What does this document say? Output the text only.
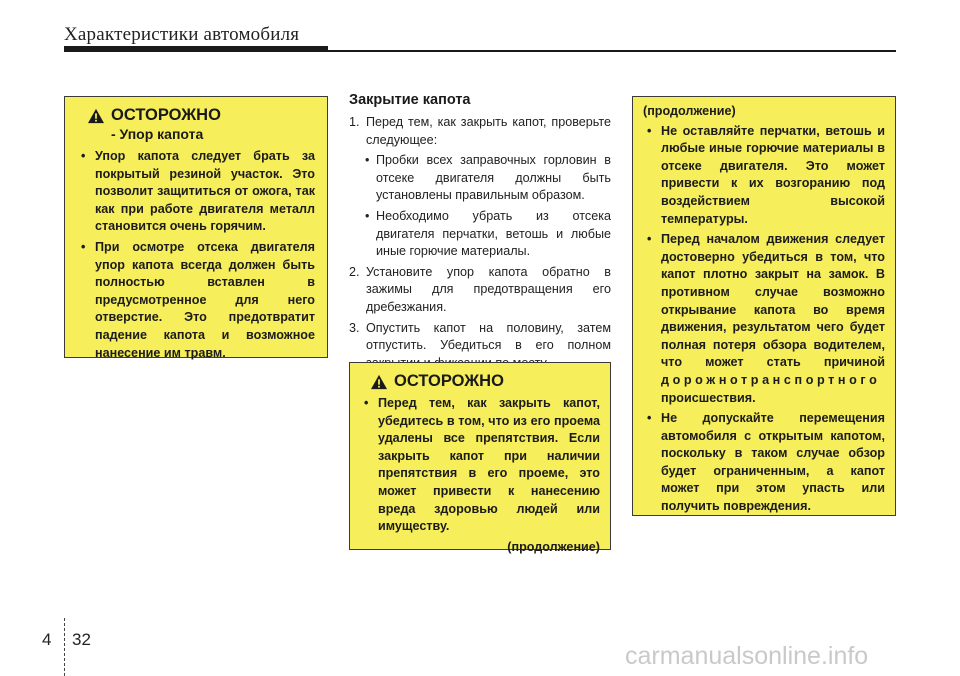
Характеристики автомобиля
ОСТОРОЖНО
- Упор капота
• Упор капота следует брать за покрытый резиной участок. Это позволит защититься от ожога, так как при работе двигателя металл становится очень горячим.
• При осмотре отсека двигателя упор капота всегда должен быть полностью вставлен в предусмотренное для него отверстие. Это предотвратит падение капота и возможное нанесение им травм.
Закрытие капота
1. Перед тем, как закрыть капот, проверьте следующее:
• Пробки всех заправочных горловин в отсеке двигателя должны быть установлены правильным образом.
• Необходимо убрать из отсека двигателя перчатки, ветошь и любые иные горючие материалы.
2. Установите упор капота обратно в зажимы для предотвращения его дребезжания.
3. Опустить капот на половину, затем отпустить. Убедиться в его полном
ОСТОРОЖНО
• Перед тем, как закрыть капот, убедитесь в том, что из его проема удалены все препятствия. Если закрыть капот при наличии препятствия в его проеме, это может привести к нанесению вреда здоровью людей или имуществу.
(продолжение)
(продолжение)
• Не оставляйте перчатки, ветошь и любые иные горючие материалы в отсеке двигателя. Это может привести к их возгоранию под воздействием высокой температуры.
• Перед началом движения следует достоверно убедиться в том, что капот плотно закрыт на замок. В противном случае возможно открывание капота во время движения, результатом чего будет полная потеря обзора водителем, что может стать причиной дорожнотранспортного происшествия.
• Не допускайте перемещения автомобиля с открытым капотом, поскольку в таком случае обзор будет ограниченным, а капот может при этом упасть или получить повреждения.
4 32
carmanualsonline.info
